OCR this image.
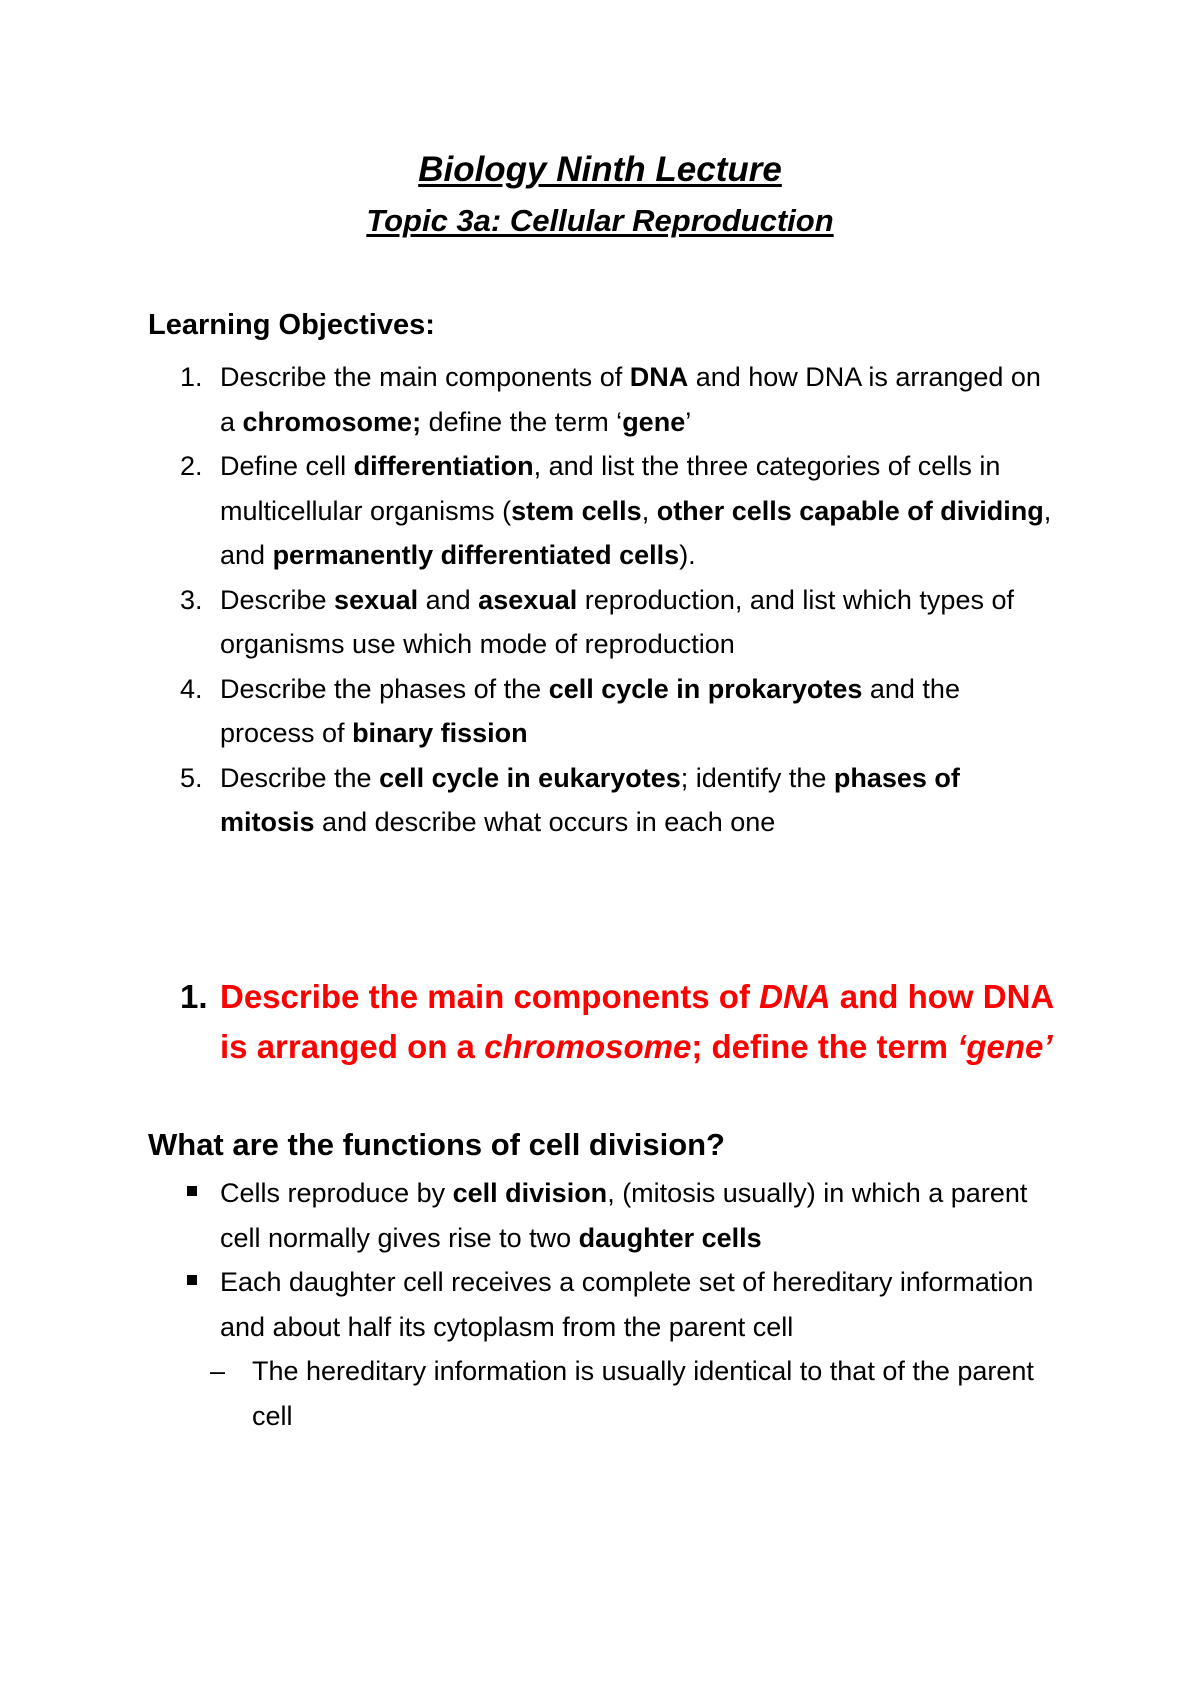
Biology Ninth Lecture
Topic 3a: Cellular Reproduction
Learning Objectives:
1. Describe the main components of DNA and how DNA is arranged on a chromosome; define the term ‘gene’
2. Define cell differentiation, and list the three categories of cells in multicellular organisms (stem cells, other cells capable of dividing, and permanently differentiated cells).
3. Describe sexual and asexual reproduction, and list which types of organisms use which mode of reproduction
4. Describe the phases of the cell cycle in prokaryotes and the process of binary fission
5. Describe the cell cycle in eukaryotes; identify the phases of mitosis and describe what occurs in each one
1. Describe the main components of DNA and how DNA is arranged on a chromosome; define the term ‘gene’
What are the functions of cell division?
Cells reproduce by cell division, (mitosis usually) in which a parent cell normally gives rise to two daughter cells
Each daughter cell receives a complete set of hereditary information and about half its cytoplasm from the parent cell
– The hereditary information is usually identical to that of the parent cell
